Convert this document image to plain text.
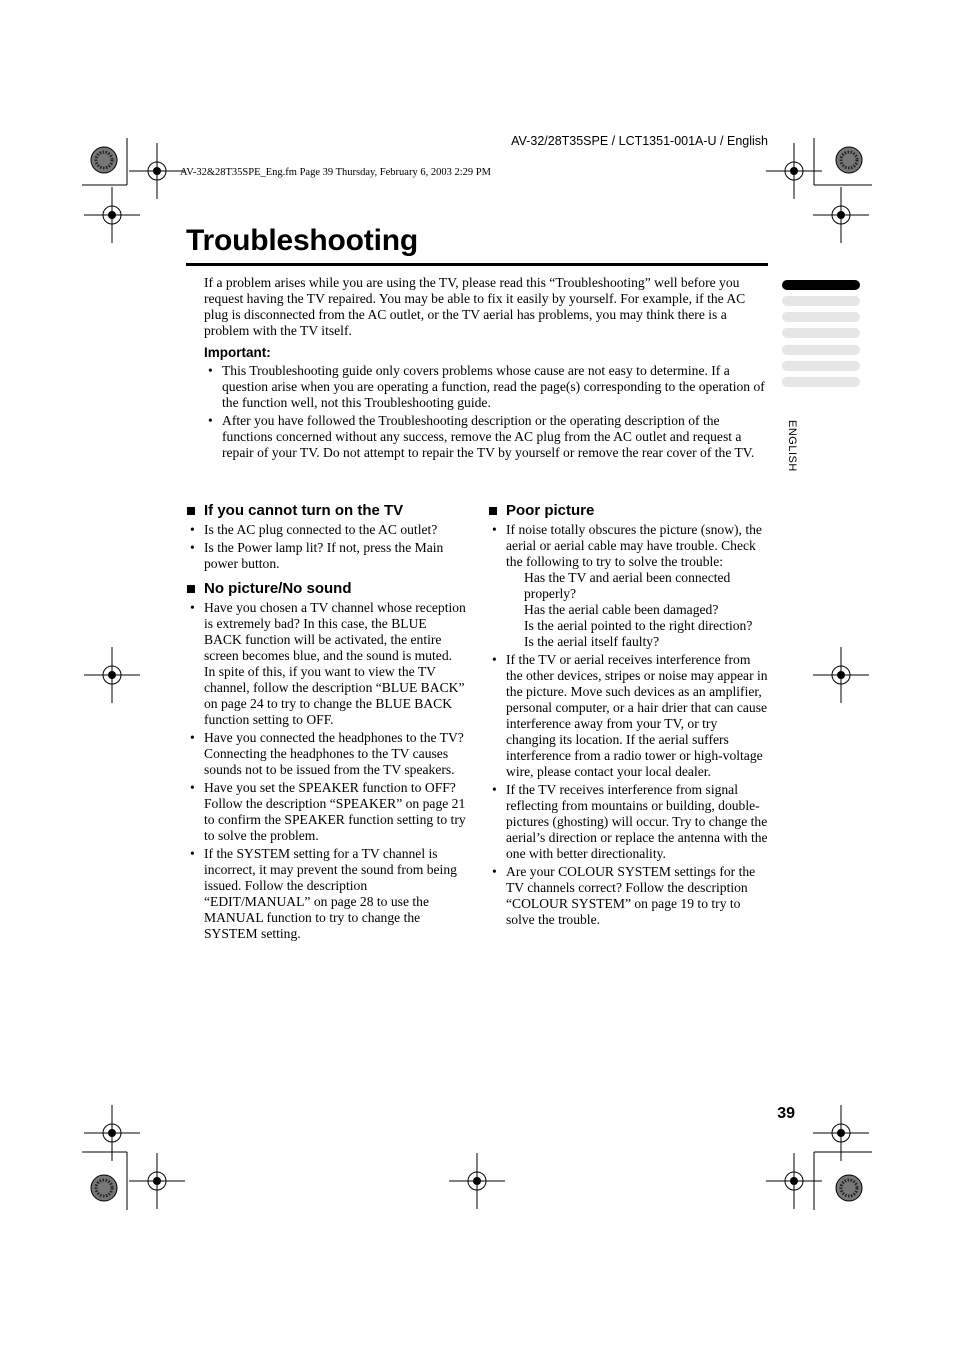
AV-32/28T35SPE / LCT1351-001A-U / English
AV-32&28T35SPE_Eng.fm Page 39 Thursday, February 6, 2003 2:29 PM
Troubleshooting
ENGLISH
If a problem arises while you are using the TV, please read this “Troubleshooting” well before you request having the TV repaired. You may be able to fix it easily by yourself. For example, if the AC plug is disconnected from the AC outlet, or the TV aerial has problems, you may think there is a problem with the TV itself.
Important:
• This Troubleshooting guide only covers problems whose cause are not easy to determine. If a question arise when you are operating a function, read the page(s) corresponding to the operation of the function well, not this Troubleshooting guide.
• After you have followed the Troubleshooting description or the operating description of the functions concerned without any success, remove the AC plug from the AC outlet and request a repair of your TV. Do not attempt to repair the TV by yourself or remove the rear cover of the TV.
If you cannot turn on the TV
• Is the AC plug connected to the AC outlet?
• Is the Power lamp lit? If not, press the Main power button.
No picture/No sound
• Have you chosen a TV channel whose reception is extremely bad? In this case, the BLUE BACK function will be activated, the entire screen becomes blue, and the sound is muted. In spite of this, if you want to view the TV channel, follow the description “BLUE BACK” on page 24 to try to change the BLUE BACK function setting to OFF.
• Have you connected the headphones to the TV? Connecting the headphones to the TV causes sounds not to be issued from the TV speakers.
• Have you set the SPEAKER function to OFF? Follow the description “SPEAKER” on page 21 to confirm the SPEAKER function setting to try to solve the problem.
• If the SYSTEM setting for a TV channel is incorrect, it may prevent the sound from being issued. Follow the description “EDIT/MANUAL” on page 28 to use the MANUAL function to try to change the SYSTEM setting.
Poor picture
• If noise totally obscures the picture (snow), the aerial or aerial cable may have trouble. Check the following to try to solve the trouble:
Has the TV and aerial been connected properly?
Has the aerial cable been damaged?
Is the aerial pointed to the right direction?
Is the aerial itself faulty?
• If the TV or aerial receives interference from the other devices, stripes or noise may appear in the picture. Move such devices as an amplifier, personal computer, or a hair drier that can cause interference away from your TV, or try changing its location. If the aerial suffers interference from a radio tower or high-voltage wire, please contact your local dealer.
• If the TV receives interference from signal reflecting from mountains or building, double-pictures (ghosting) will occur. Try to change the aerial’s direction or replace the antenna with the one with better directionality.
• Are your COLOUR SYSTEM settings for the TV channels correct? Follow the description “COLOUR SYSTEM” on page 19 to try to solve the trouble.
39
